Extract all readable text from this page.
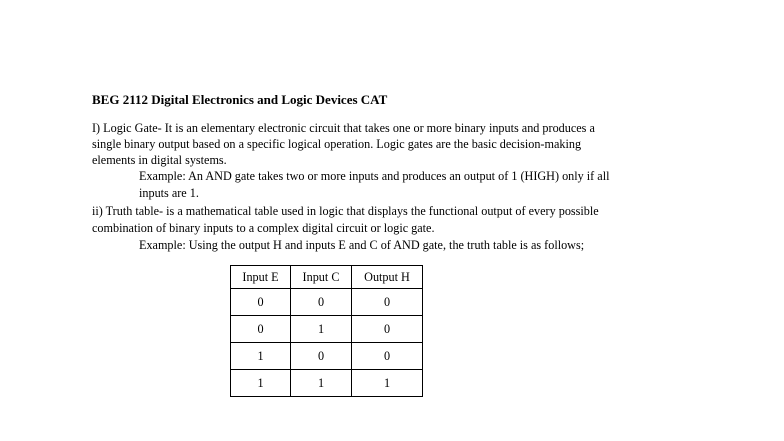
BEG 2112 Digital Electronics and Logic Devices CAT
I) Logic Gate- It is an elementary electronic circuit that takes one or more binary inputs and produces a
single binary output based on a specific logical operation. Logic gates are the basic decision-making
elements in digital systems.
Example: An AND gate takes two or more inputs and produces an output of 1 (HIGH) only if all
inputs are 1.
ii) Truth table- is a mathematical table used in logic that displays the functional output of every possible
combination of binary inputs to a complex digital circuit or logic gate.
Example: Using the output H and inputs E and C of AND gate, the truth table is as follows;
Input E	Input C	Output H
0	0	0
0	1	0
1	0	0
1	1	1
